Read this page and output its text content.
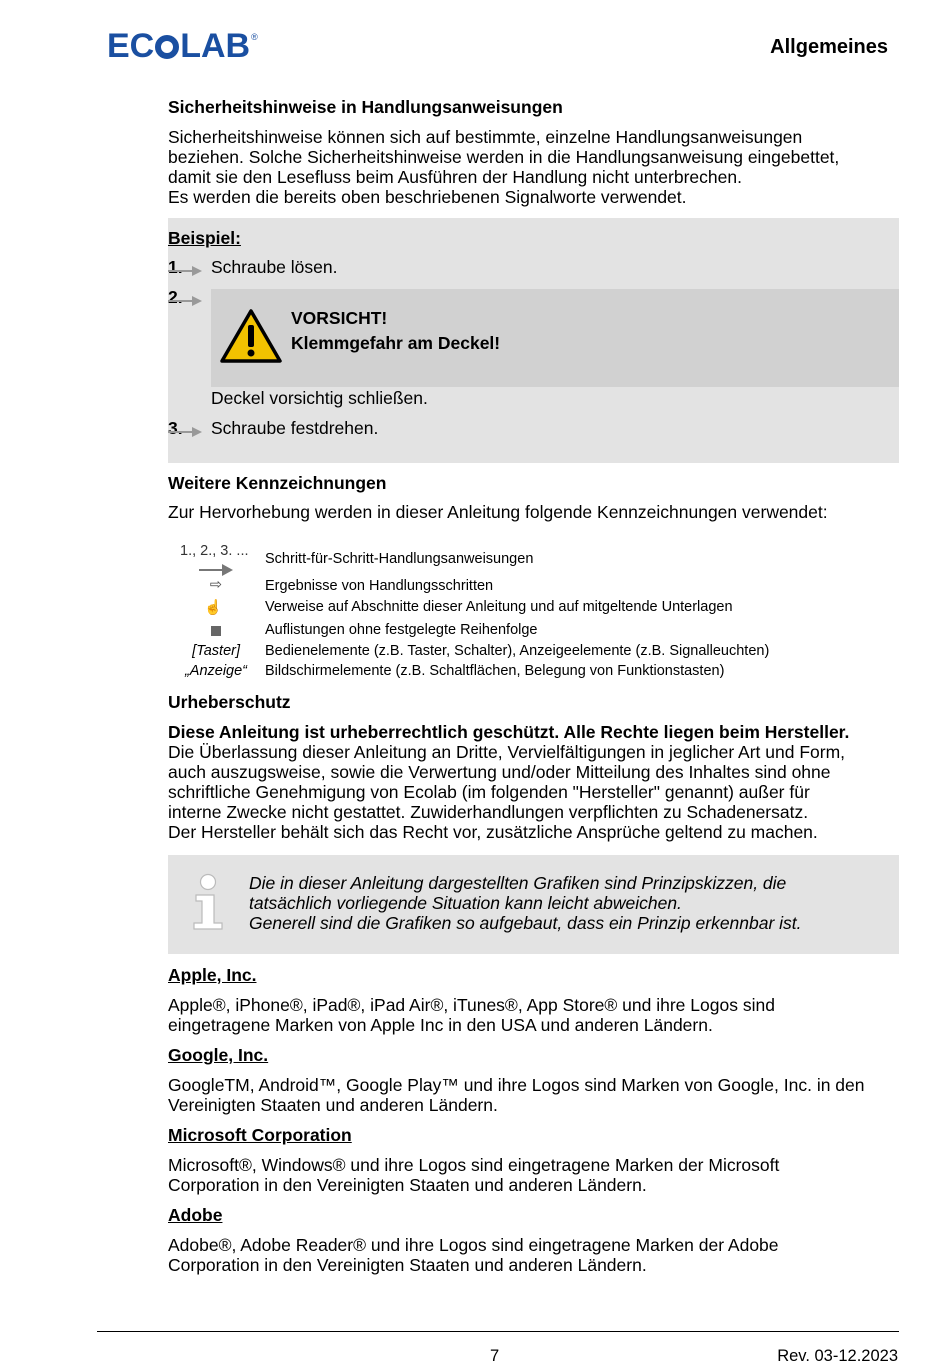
EC LAB®	Allgemeines
Sicherheitshinweise in Handlungsanweisungen
Sicherheitshinweise können sich auf bestimmte, einzelne Handlungsanweisungen
beziehen. Solche Sicherheitshinweise werden in die Handlungsanweisung eingebettet,
damit sie den Lesefluss beim Ausführen der Handlung nicht unterbrechen.
Es werden die bereits oben beschriebenen Signalworte verwendet.
Beispiel:
1. Schraube lösen.
2.
VORSICHT!
Klemmgefahr am Deckel!
Deckel vorsichtig schließen.
3. Schraube festdrehen.
Weitere Kennzeichnungen
Zur Hervorhebung werden in dieser Anleitung folgende Kennzeichnungen verwendet:
1., 2., 3. ... Schritt-für-Schritt-Handlungsanweisungen
⇨	Ergebnisse von Handlungsschritten
☝	Verweise auf Abschnitte dieser Anleitung und auf mitgeltende Unterlagen
Auflistungen ohne festgelegte Reihenfolge
[Taster] Bedienelemente (z.B. Taster, Schalter), Anzeigeelemente (z.B. Signalleuchten)
„Anzeige“ Bildschirmelemente (z.B. Schaltflächen, Belegung von Funktionstasten)
Urheberschutz
Diese Anleitung ist urheberrechtlich geschützt. Alle Rechte liegen beim Hersteller.
Die Überlassung dieser Anleitung an Dritte, Vervielfältigungen in jeglicher Art und Form,
auch auszugsweise, sowie die Verwertung und/oder Mitteilung des Inhaltes sind ohne
schriftliche Genehmigung von Ecolab (im folgenden "Hersteller" genannt) außer für
interne Zwecke nicht gestattet. Zuwiderhandlungen verpflichten zu Schadenersatz.
Der Hersteller behält sich das Recht vor, zusätzliche Ansprüche geltend zu machen.
Die in dieser Anleitung dargestellten Grafiken sind Prinzipskizzen, die
tatsächlich vorliegende Situation kann leicht abweichen.
Generell sind die Grafiken so aufgebaut, dass ein Prinzip erkennbar ist.
Apple, Inc.
Apple®, iPhone®, iPad®, iPad Air®, iTunes®, App Store® und ihre Logos sind
eingetragene Marken von Apple Inc in den USA und anderen Ländern.
Google, Inc.
GoogleTM, Android™, Google Play™ und ihre Logos sind Marken von Google, Inc. in den
Vereinigten Staaten und anderen Ländern.
Microsoft Corporation
Microsoft®, Windows® und ihre Logos sind eingetragene Marken der Microsoft
Corporation in den Vereinigten Staaten und anderen Ländern.
Adobe
Adobe®, Adobe Reader® und ihre Logos sind eingetragene Marken der Adobe
Corporation in den Vereinigten Staaten und anderen Ländern.
7	Rev. 03-12.2023
